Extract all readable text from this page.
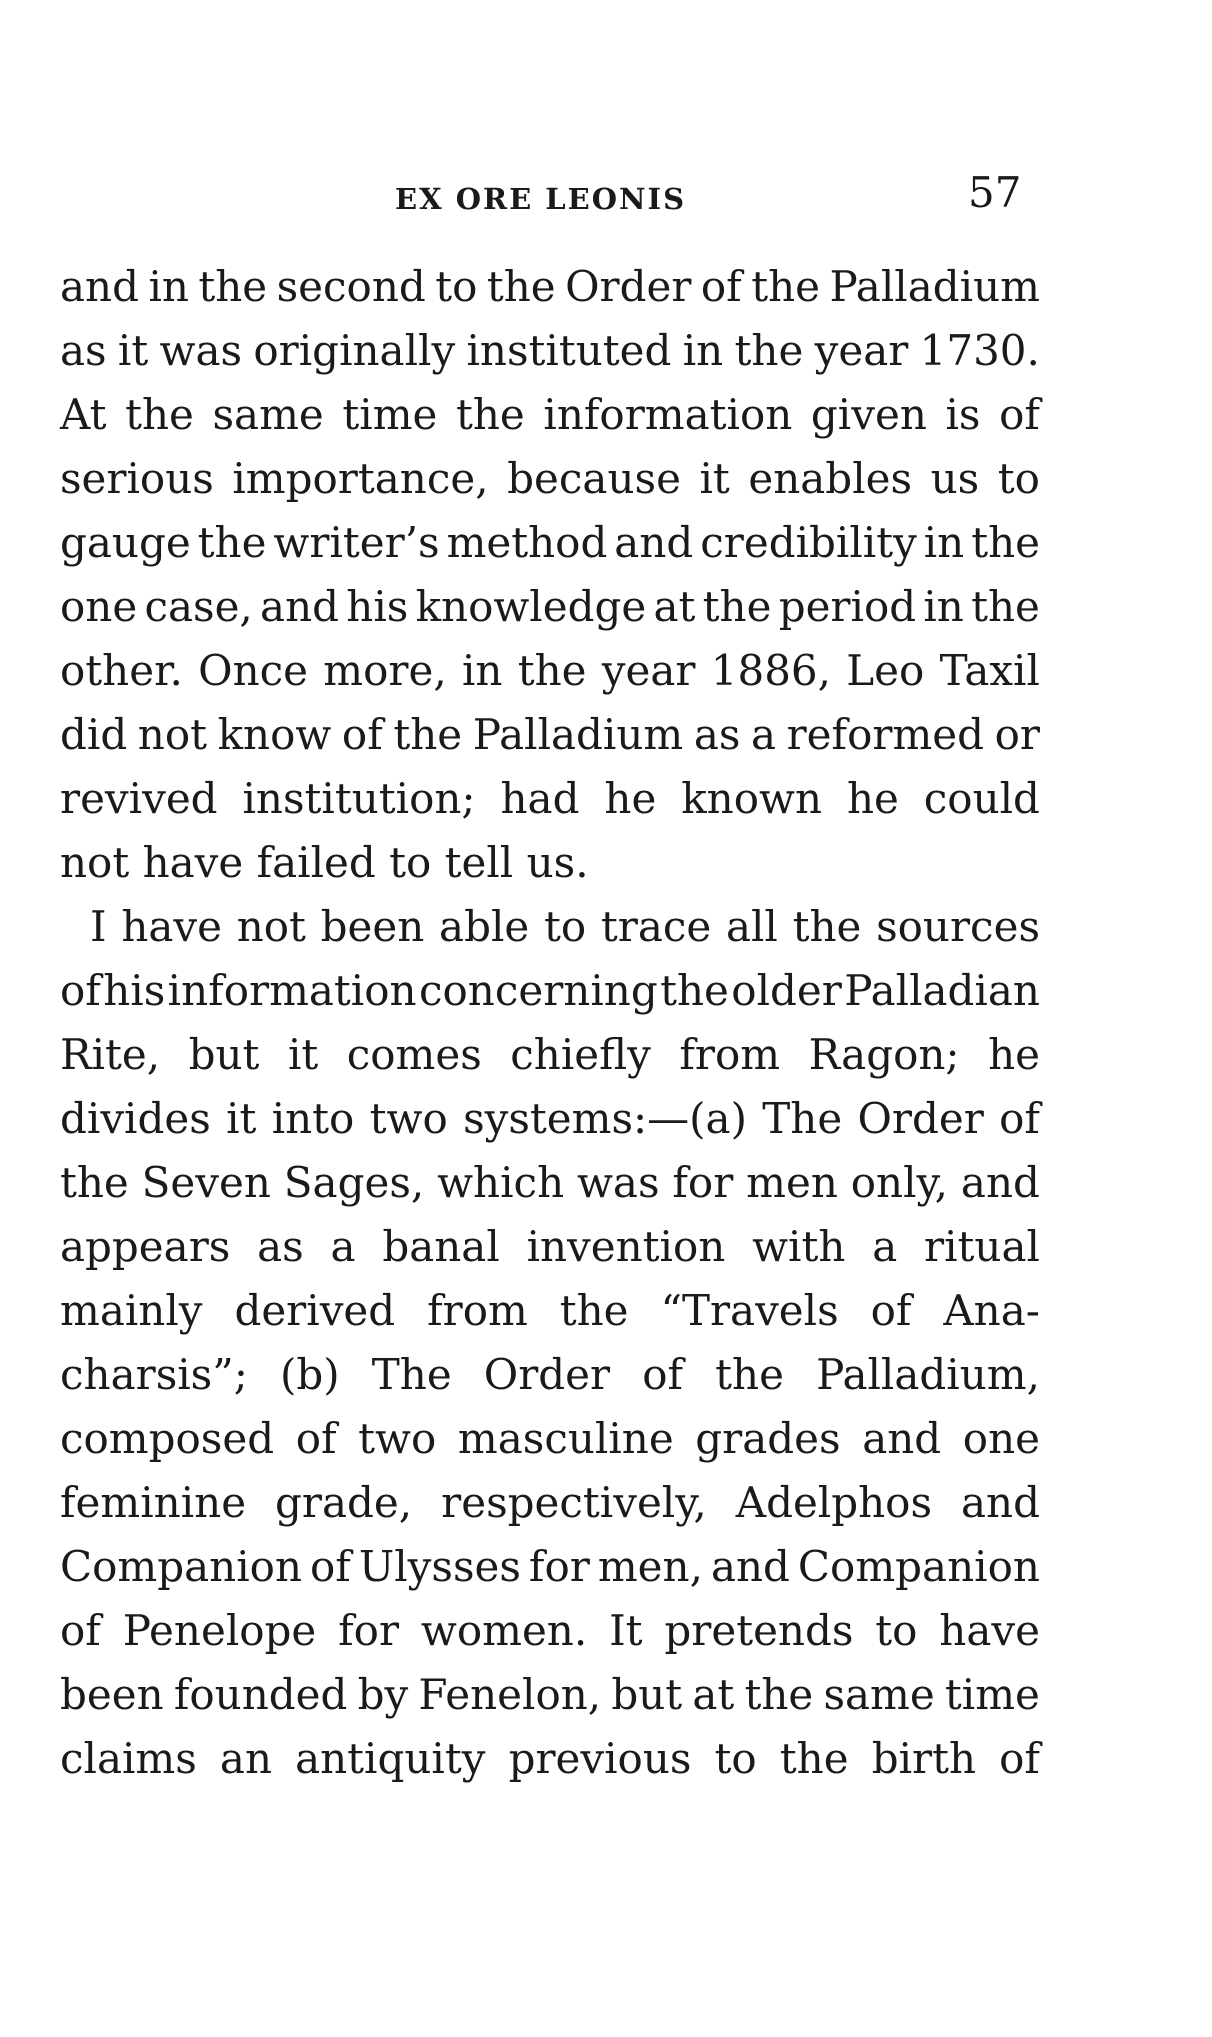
EX ORE LEONIS	57
and in the second to the Order of the Palladium
as it was originally instituted in the year 1730.
At the same time the information given is of
serious importance, because it enables us to
gauge the writer’s method and credibility in the
one case, and his knowledge at the period in the
other. Once more, in the year 1886, Leo Taxil
did not know of the Palladium as a reformed or
revived institution; had he known he could
not have failed to tell us.
I have not been able to trace all the sources
of his information concerning the older Palladian
Rite, but it comes chiefly from Ragon; he
divides it into two systems:—(a) The Order of
the Seven Sages, which was for men only, and
appears as a banal invention with a ritual
mainly derived from the “Travels of Ana-
charsis”; (b) The Order of the Palladium,
composed of two masculine grades and one
feminine grade, respectively, Adelphos and
Companion of Ulysses for men, and Companion
of Penelope for women. It pretends to have
been founded by Fenelon, but at the same time
claims an antiquity previous to the birth of
